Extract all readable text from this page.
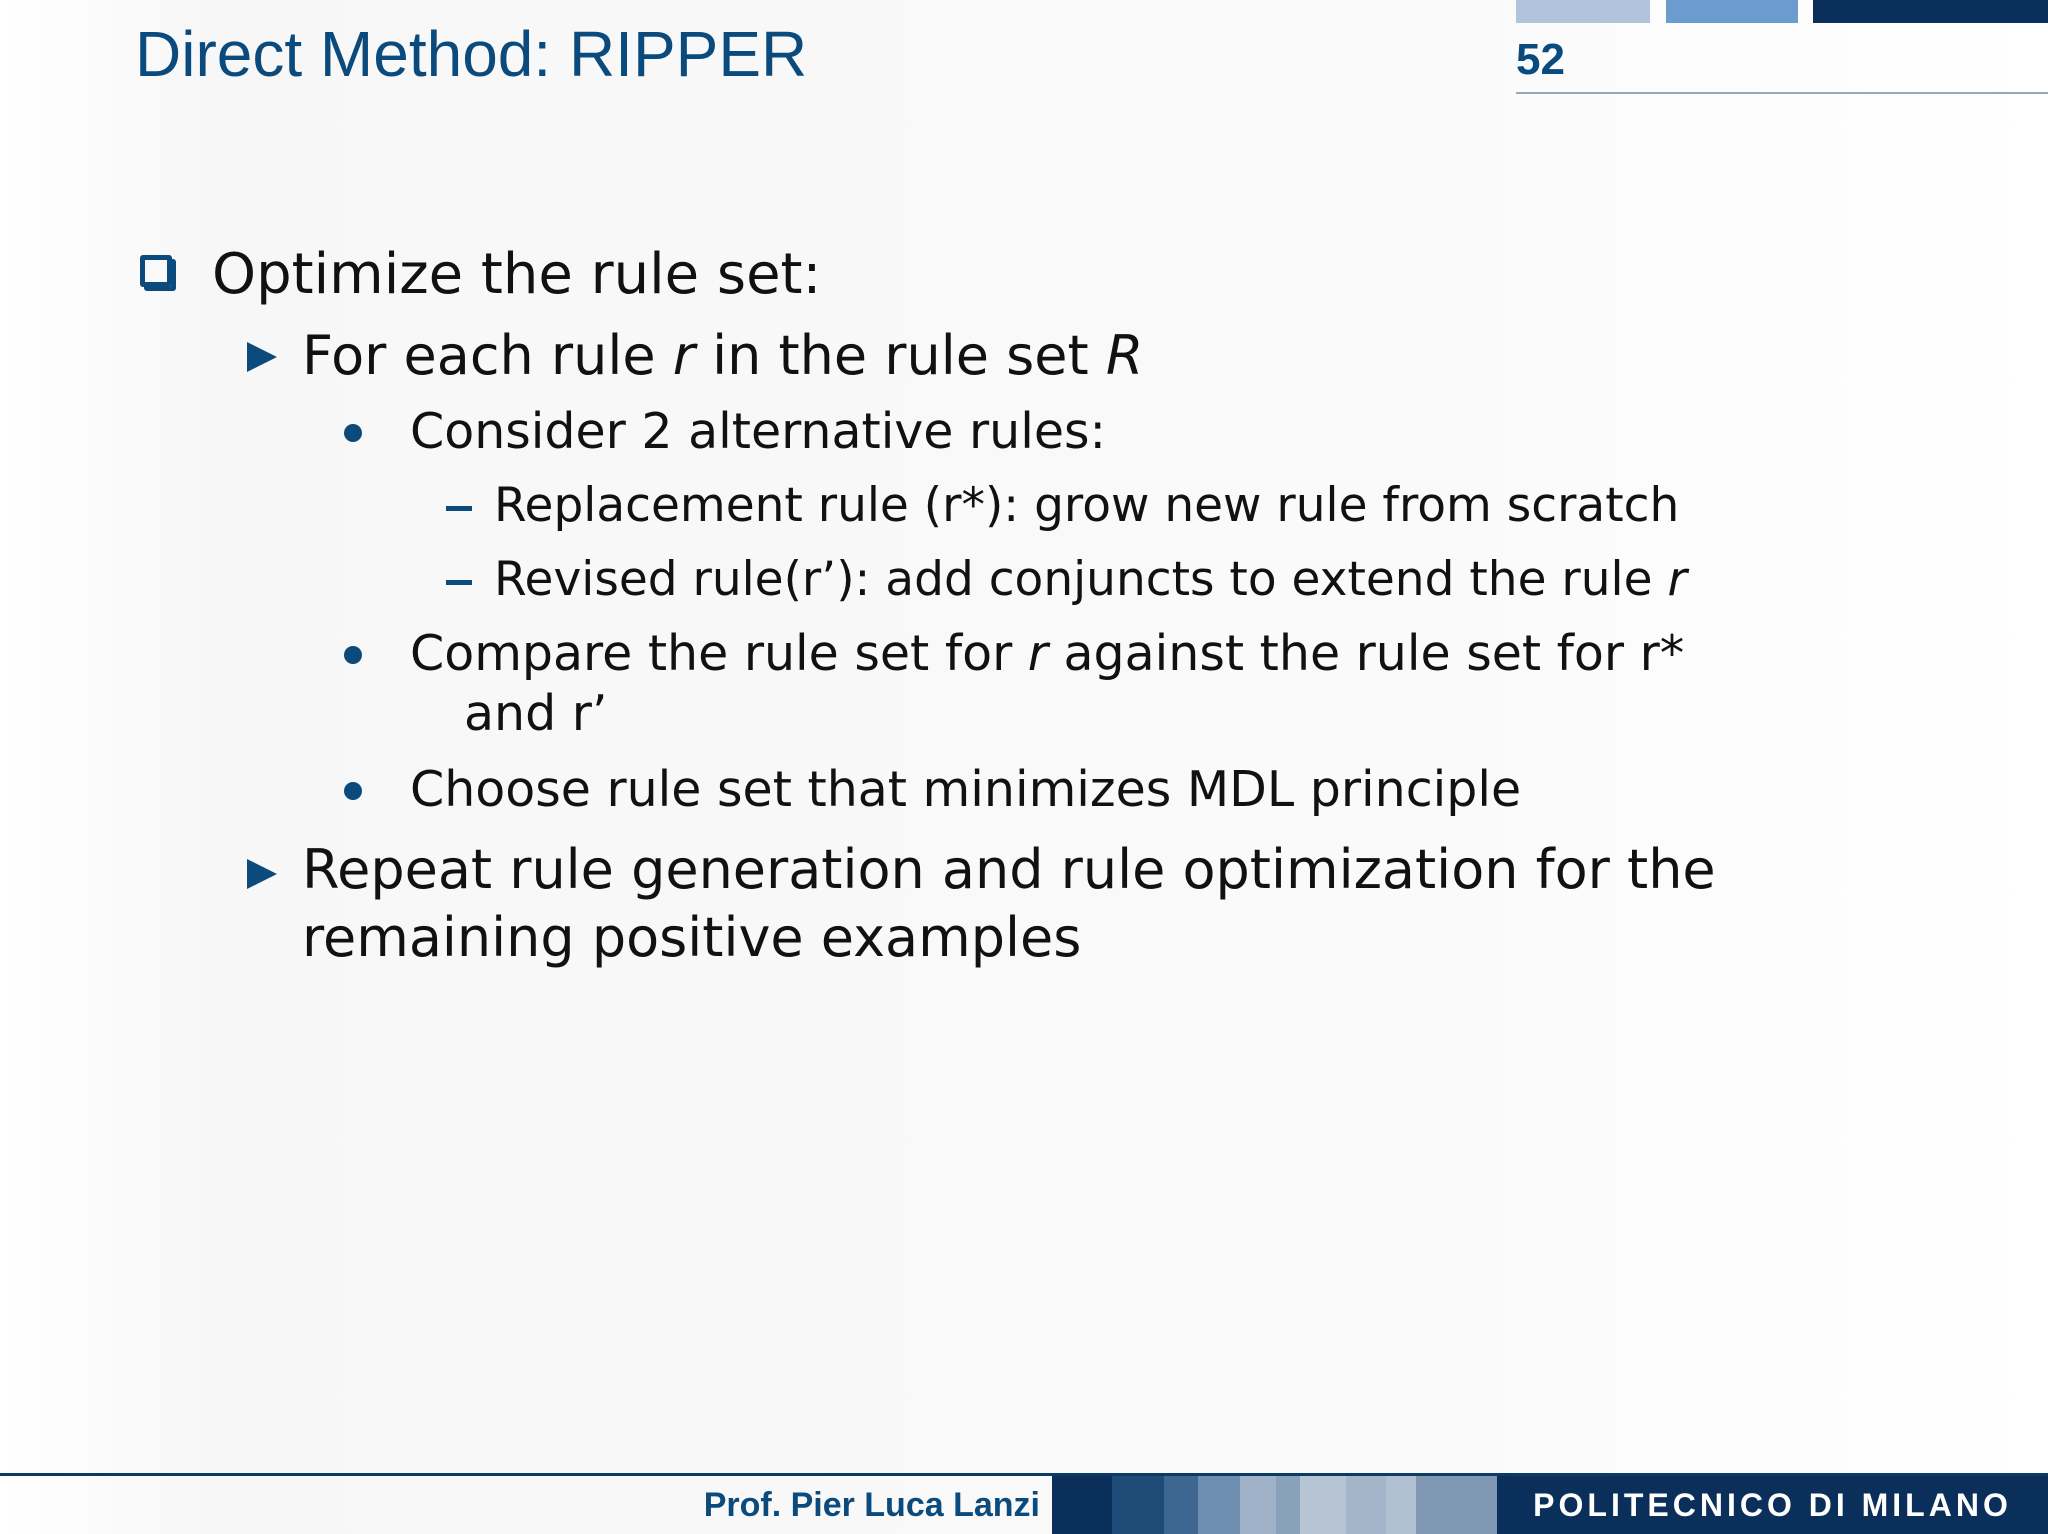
Direct Method: RIPPER	52
Optimize the rule set:
For each rule r in the rule set R
Consider 2 alternative rules:
Replacement rule (r*): grow new rule from scratch
Revised rule(r’): add conjuncts to extend the rule r
Compare the rule set for r against the rule set for r*
and r’
Choose rule set that minimizes MDL principle
Repeat rule generation and rule optimization for the
remaining positive examples
Prof. Pier Luca Lanzi	POLITECNICO DI MILANO
